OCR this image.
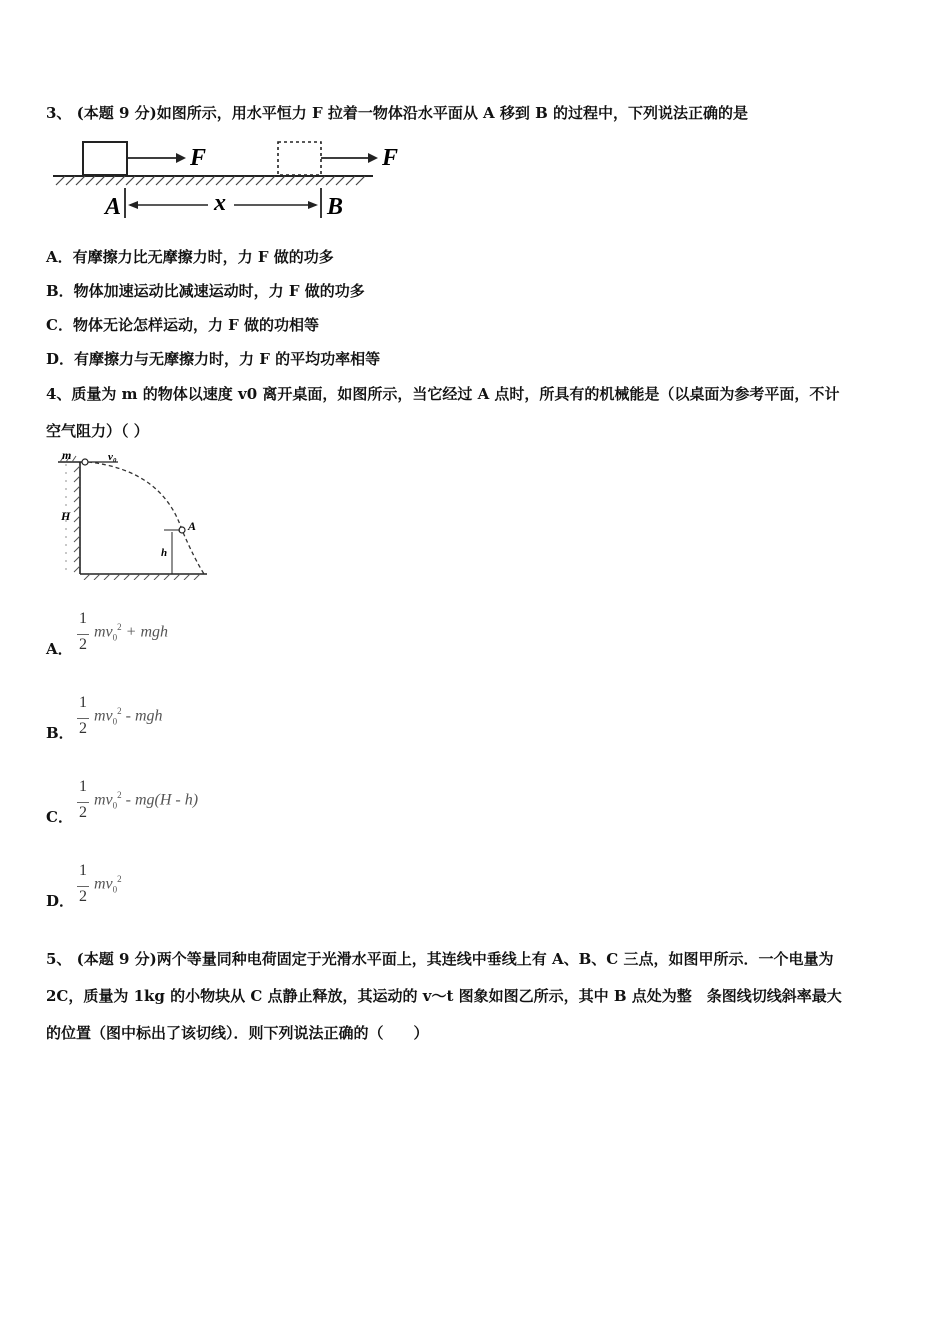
3、 (本题 9 分)如图所示，用水平恒力 F 拉着一物体沿水平面从 A 移到 B 的过程中，下列说法正确的是
F	F
A	B
x
A．有摩擦力比无摩擦力时，力 F 做的功多
B．物体加速运动比减速运动时，力 F 做的功多
C．物体无论怎样运动，力 F 做的功相等
D．有摩擦力与无摩擦力时，力 F 的平均功率相等
4、质量为 m 的物体以速度 v0 离开桌面，如图所示，当它经过 A 点时，所具有的机械能是（以桌面为参考平面，不计
空气阻力）（ ）
m	v₀
H
A
h
A．
1
2
$mv_0^2$ + mgh
B．
1
2
$mv_0^2$ - mgh
C．
1
2
$mv_0^2 - mg(H - h)$
D．
1
2
$mv_0^2$
5、 (本题 9 分)两个等量同种电荷固定于光滑水平面上，其连线中垂线上有 A、B、C 三点，如图甲所示．一个电量为
2C，质量为 1kg 的小物块从 C 点静止释放，其运动的 v～t 图象如图乙所示，其中 B 点处为整　条图线切线斜率最大
的位置（图中标出了该切线）．则下列说法正确的（　　）
